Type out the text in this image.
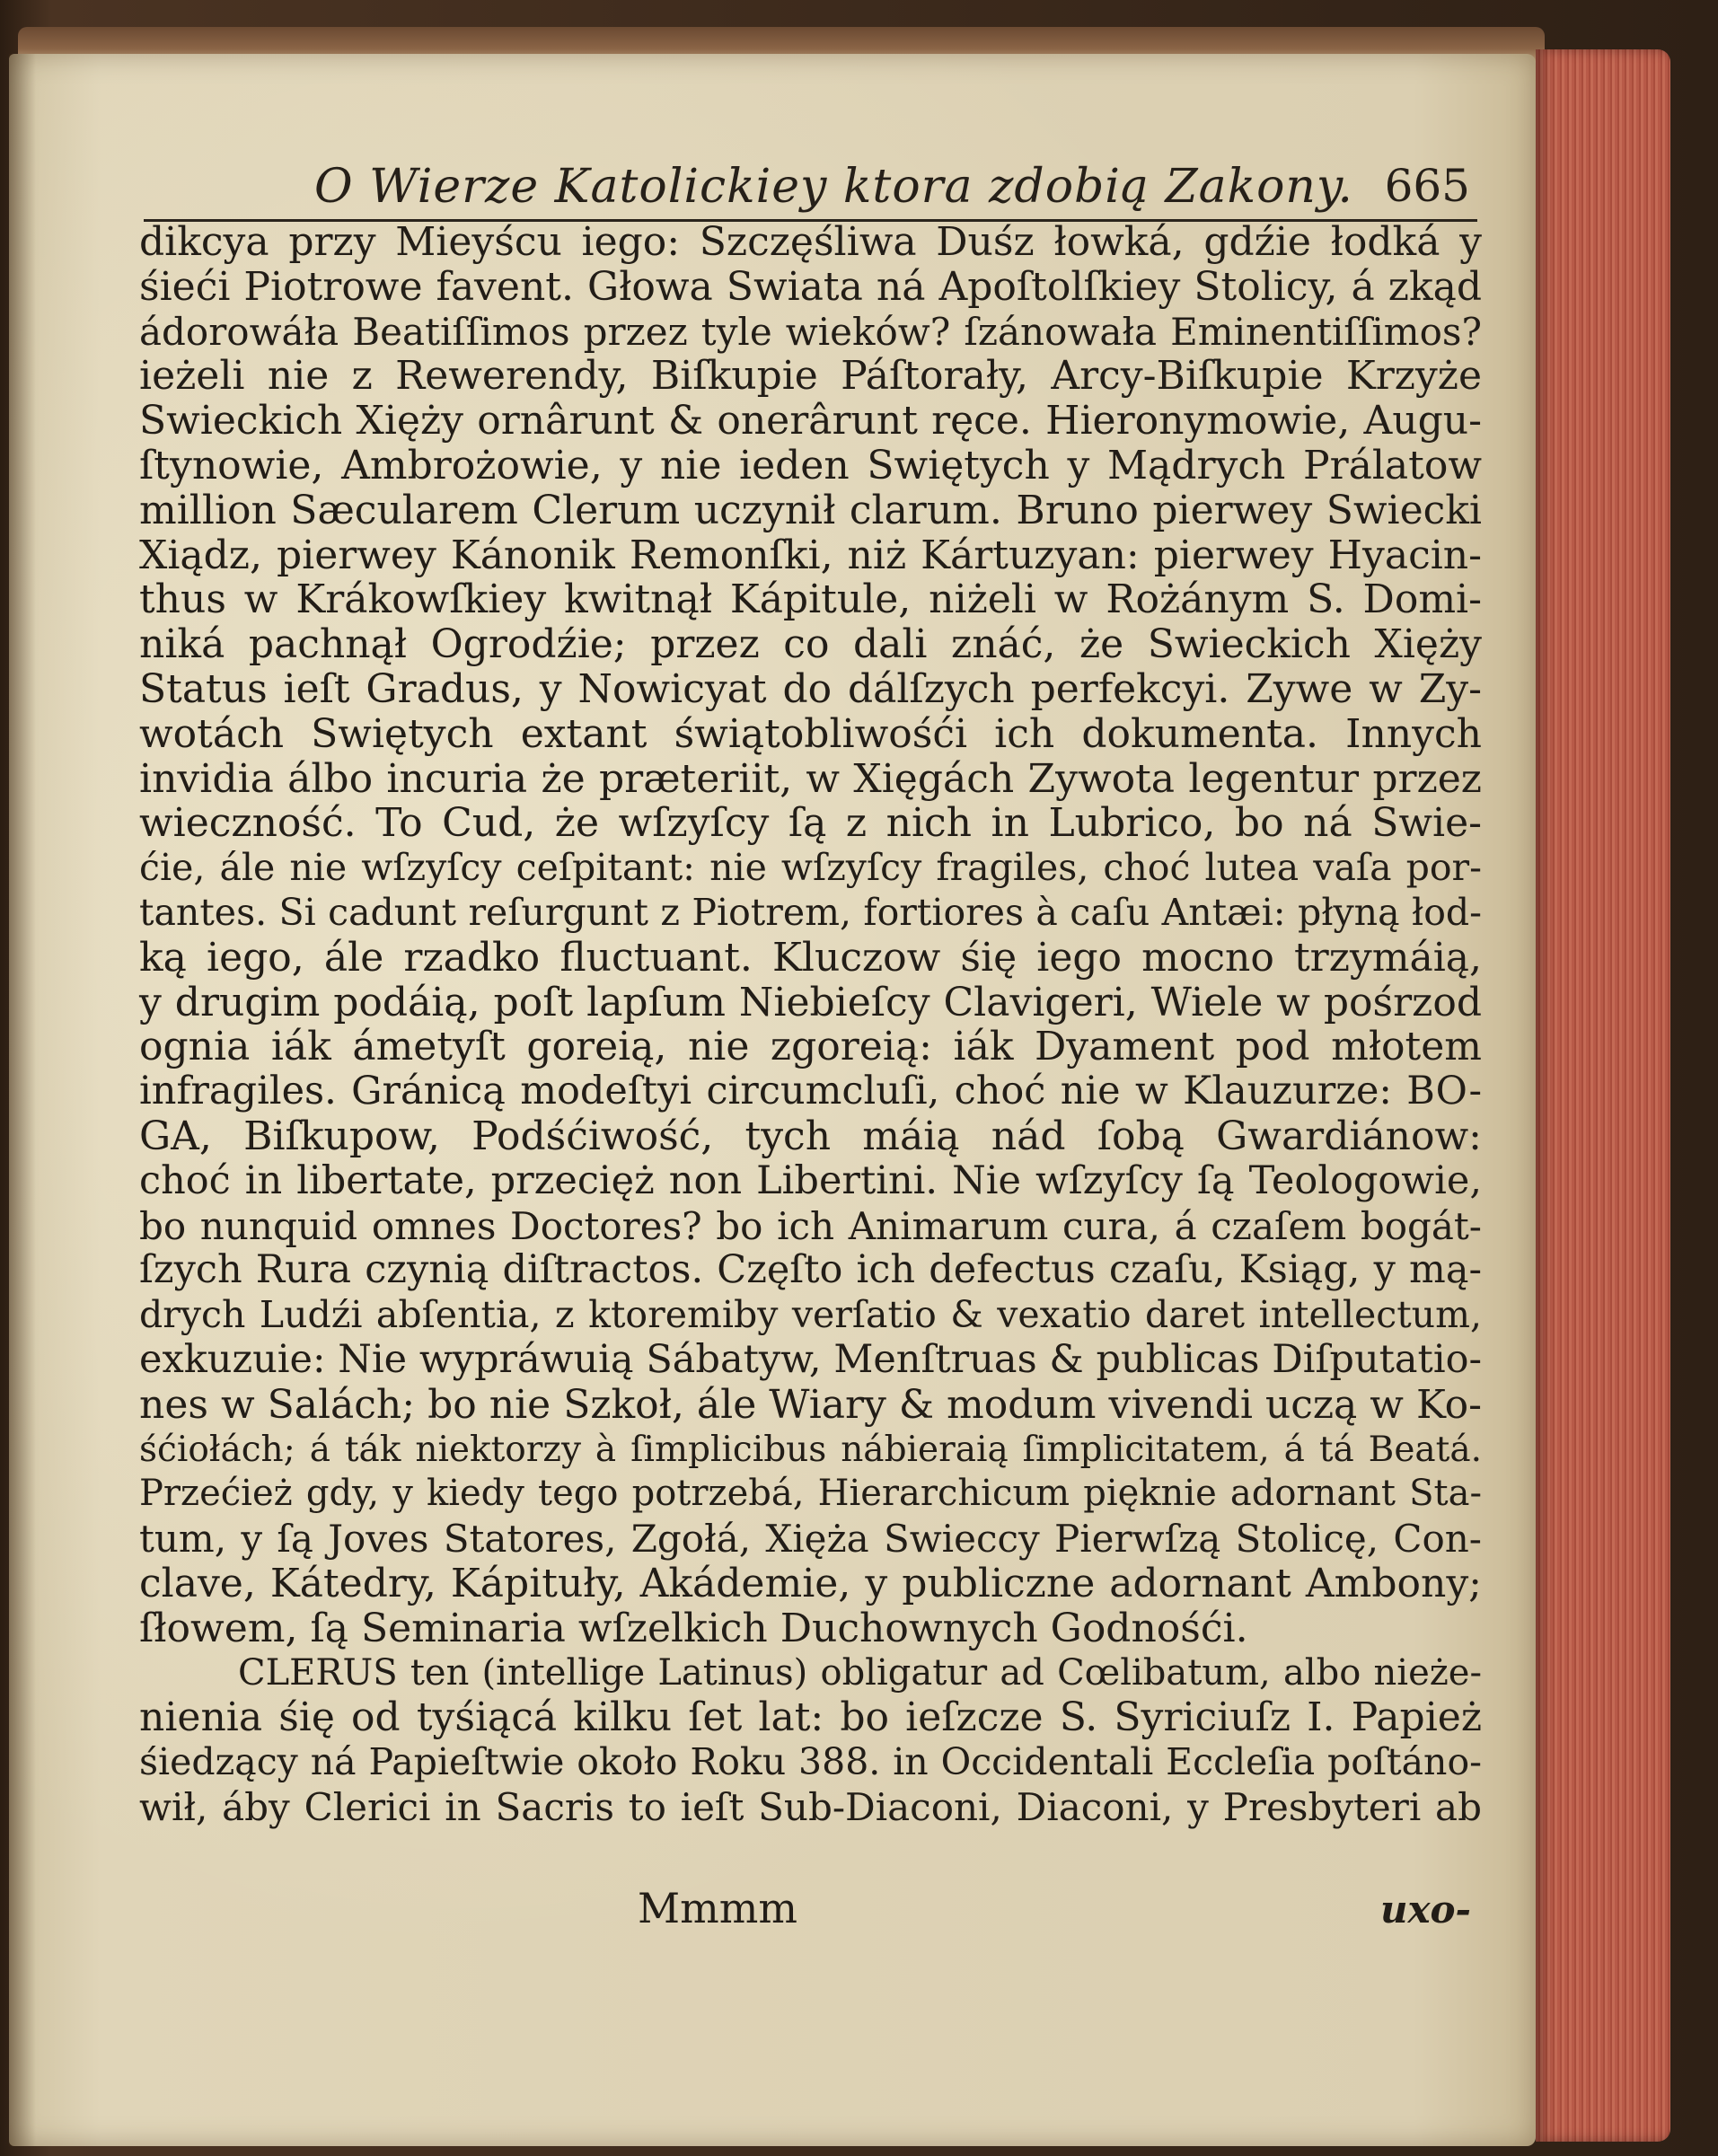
O Wierze Katolickiey ktora zdobią Zakony. 665
dikcya przy Mieyścu iego: Szczęśliwa Duśz łowká, gdźie łodká y
śieći Piotrowe favent. Głowa Swiata ná Apoſtolſkiey Stolicy, á zkąd
ádorowáła Beatiſſimos przez tyle wieków? ſzánowała Eminentiſſimos?
ieżeli nie z Rewerendy, Biſkupie Páſtorały, Arcy-Biſkupie Krzyże
Swieckich Xięży ornârunt & onerârunt ręce. Hieronymowie, Augu-
ſtynowie, Ambrożowie, y nie ieden Swiętych y Mądrych Prálatow
million Sæcularem Clerum uczynił clarum. Bruno pierwey Swiecki
Xiądz, pierwey Kánonik Remonſki, niż Kártuzyan: pierwey Hyacin-
thus w Krákowſkiey kwitnął Kápitule, niżeli w Rożánym S. Domi-
niká pachnął Ogrodźie; przez co dali znáć, że Swieckich Xięży
Status ieſt Gradus, y Nowicyat do dálſzych perfekcyi. Zywe w Zy-
wotách Swiętych extant świątobliwośći ich dokumenta. Innych
invidia álbo incuria że præteriit, w Xięgách Zywota legentur przez
wieczność. To Cud, że wſzyſcy ſą z nich in Lubrico, bo ná Swie-
ćie, ále nie wſzyſcy ceſpitant: nie wſzyſcy fragiles, choć lutea vaſa por-
tantes. Si cadunt reſurgunt z Piotrem, fortiores à caſu Antæi: płyną łod-
ką iego, ále rzadko fluctuant. Kluczow śię iego mocno trzymáią,
y drugim podáią, poſt lapſum Niebieſcy Clavigeri, Wiele w pośrzod
ognia iák ámetyſt goreią, nie zgoreią: iák Dyament pod młotem
infragiles. Gránicą modeſtyi circumcluſi, choć nie w Klauzurze: BO-
GA, Biſkupow, Podśćiwość, tych máią nád ſobą Gwardiánow:
choć in libertate, przecięż non Libertini. Nie wſzyſcy ſą Teologowie,
bo nunquid omnes Doctores? bo ich Animarum cura, á czaſem bogát-
ſzych Rura czynią diſtractos. Częſto ich defectus czaſu, Ksiąg, y mą-
drych Ludźi abſentia, z ktoremiby verſatio & vexatio daret intellectum,
exkuzuie: Nie wypráwuią Sábatyw, Menſtruas & publicas Diſputatio-
nes w Salách; bo nie Szkoł, ále Wiary & modum vivendi uczą w Ko-
śćiołách; á ták niektorzy à ſimplicibus nábieraią ſimplicitatem, á tá Beatá.
Przećież gdy, y kiedy tego potrzebá, Hierarchicum pięknie adornant Sta-
tum, y ſą Joves Statores, Zgołá, Xięża Swieccy Pierwſzą Stolicę, Con-
clave, Kátedry, Kápituły, Akádemie, y publiczne adornant Ambony;
ſłowem, ſą Seminaria wſzelkich Duchownych Godnośći.
CLERUS ten (intellige Latinus) obligatur ad Cœlibatum, albo nieże-
nienia śię od tyśiącá kilku ſet lat: bo ieſzcze S. Syriciuſz I. Papież
śiedzący ná Papieſtwie około Roku 388. in Occidentali Eccleſia poſtáno-
wił, áby Clerici in Sacris to ieſt Sub-Diaconi, Diaconi, y Presbyteri ab
Mmmm	uxo-
